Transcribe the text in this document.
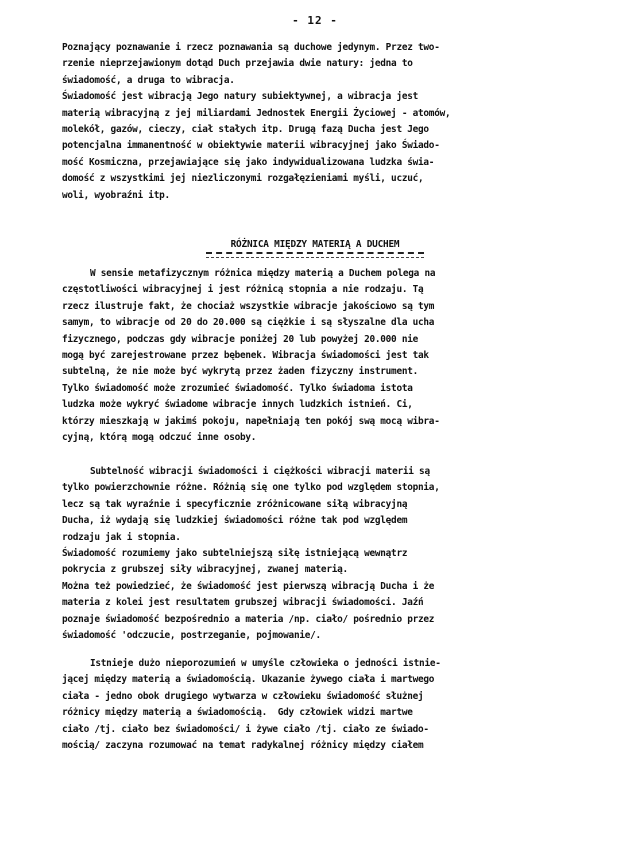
- 12 -
Poznający poznawanie i rzecz poznawania są duchowe jedynym. Przez two-
rzenie nieprzejawionym dotąd Duch przejawia dwie natury: jedna to
świadomość, a druga to wibracja.
Świadomość jest wibracją Jego natury subiektywnej, a wibracja jest
materią wibracyjną z jej miliardami Jednostek Energii Życiowej - atomów,
molekół, gazów, cieczy, ciał stałych itp. Drugą fazą Ducha jest Jego
potencjalna immanentność w obiektywie materii wibracyjnej jako Świado-
mość Kosmiczna, przejawiające się jako indywidualizowana ludzka świa-
domość z wszystkimi jej niezliczonymi rozgałęzieniami myśli, uczuć,
woli, wyobraźni itp.
RÓŻNICA MIĘDZY MATERIĄ A DUCHEM
W sensie metafizycznym różnica między materią a Duchem polega na
częstotliwości wibracyjnej i jest różnicą stopnia a nie rodzaju. Tą
rzecz ilustruje fakt, że chociaż wszystkie wibracje jakościowo są tym
samym, to wibracje od 20 do 20.000 są ciężkie i są słyszalne dla ucha
fizycznego, podczas gdy wibracje poniżej 20 lub powyżej 20.000 nie
mogą być zarejestrowane przez bębenek. Wibracja świadomości jest tak
subtelną, że nie może być wykrytą przez żaden fizyczny instrument.
Tylko świadomość może zrozumieć świadomość. Tylko świadoma istota
ludzka może wykryć świadome wibracje innych ludzkich istnień. Ci,
którzy mieszkają w jakimś pokoju, napełniają ten pokój swą mocą wibra-
cyjną, którą mogą odczuć inne osoby.
Subtelność wibracji świadomości i ciężkości wibracji materii są
tylko powierzchownie różne. Różnią się one tylko pod względem stopnia,
lecz są tak wyraźnie i specyficznie zróżnicowane siłą wibracyjną
Ducha, iż wydają się ludzkiej świadomości różne tak pod względem
rodzaju jak i stopnia.
Świadomość rozumiemy jako subtelniejszą siłę istniejącą wewnątrz
pokrycia z grubszej siły wibracyjnej, zwanej materią.
Można też powiedzieć, że świadomość jest pierwszą wibracją Ducha i że
materia z kolei jest resultatem grubszej wibracji świadomości. Jaźń
poznaje świadomość bezpośrednio a materia /np. ciało/ pośrednio przez
świadomość 'odczucie, postrzeganie, pojmowanie/.
Istnieje dużo nieporozumień w umyśle człowieka o jedności istnie-
jącej między materią a świadomością. Ukazanie żywego ciała i martwego
ciała - jedno obok drugiego wytwarza w człowieku świadomość służnej
różnicy między materią a świadomością.  Gdy człowiek widzi martwe
ciało /tj. ciało bez świadomości/ i żywe ciało /tj. ciało ze świado-
mością/ zaczyna rozumować na temat radykalnej różnicy między ciałem
